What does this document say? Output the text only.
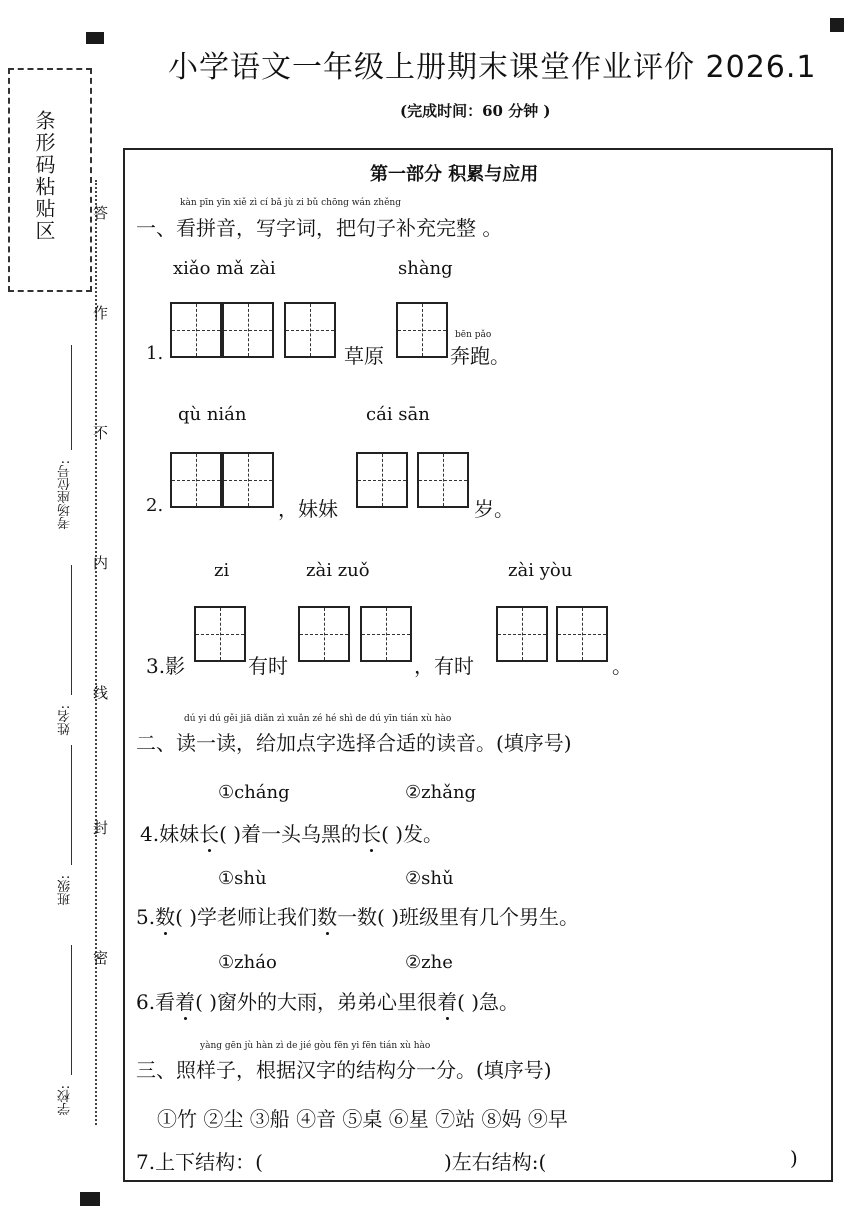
条形码粘贴区
考场座位号:
姓名:
班级:
学校:
答
作
不
内
线
封
密
小学语文一年级上册期末课堂作业评价 2026.1
(完成时间：60 分钟 )
第一部分 积累与应用
kàn pīn yīn xiě zì cí bǎ jù zi bǔ chōng wán zhěng
一、看拼音，写字词，把句子补充完整 。
xiǎo mǎ zài	shàng
1.	草原
bēn pǎo
奔跑。
qù nián	cái sān
2.	，妹妹	岁。
zi	zài zuǒ	zài yòu
3.影	有时	，有时	。
dú yi dú gěi jiā diǎn zì xuǎn zé hé shì de dú yīn tián xù hào
二、读一读，给加点字选择合适的读音。(填序号)
①cháng	②zhǎng
4.妹妹长( )着一头乌黑的长( )发。
①shù	②shǔ
5.数( )学老师让我们数一数( )班级里有几个男生。
①zháo	②zhe
6.看着( )窗外的大雨，弟弟心里很着( )急。
yàng gēn jù hàn zì de jié gòu fēn yi fēn tián xù hào
三、照样子，根据汉字的结构分一分。(填序号)
①竹 ②尘 ③船 ④音 ⑤桌 ⑥星 ⑦站 ⑧妈 ⑨早
7.上下结构：(	)左右结构:(	)
